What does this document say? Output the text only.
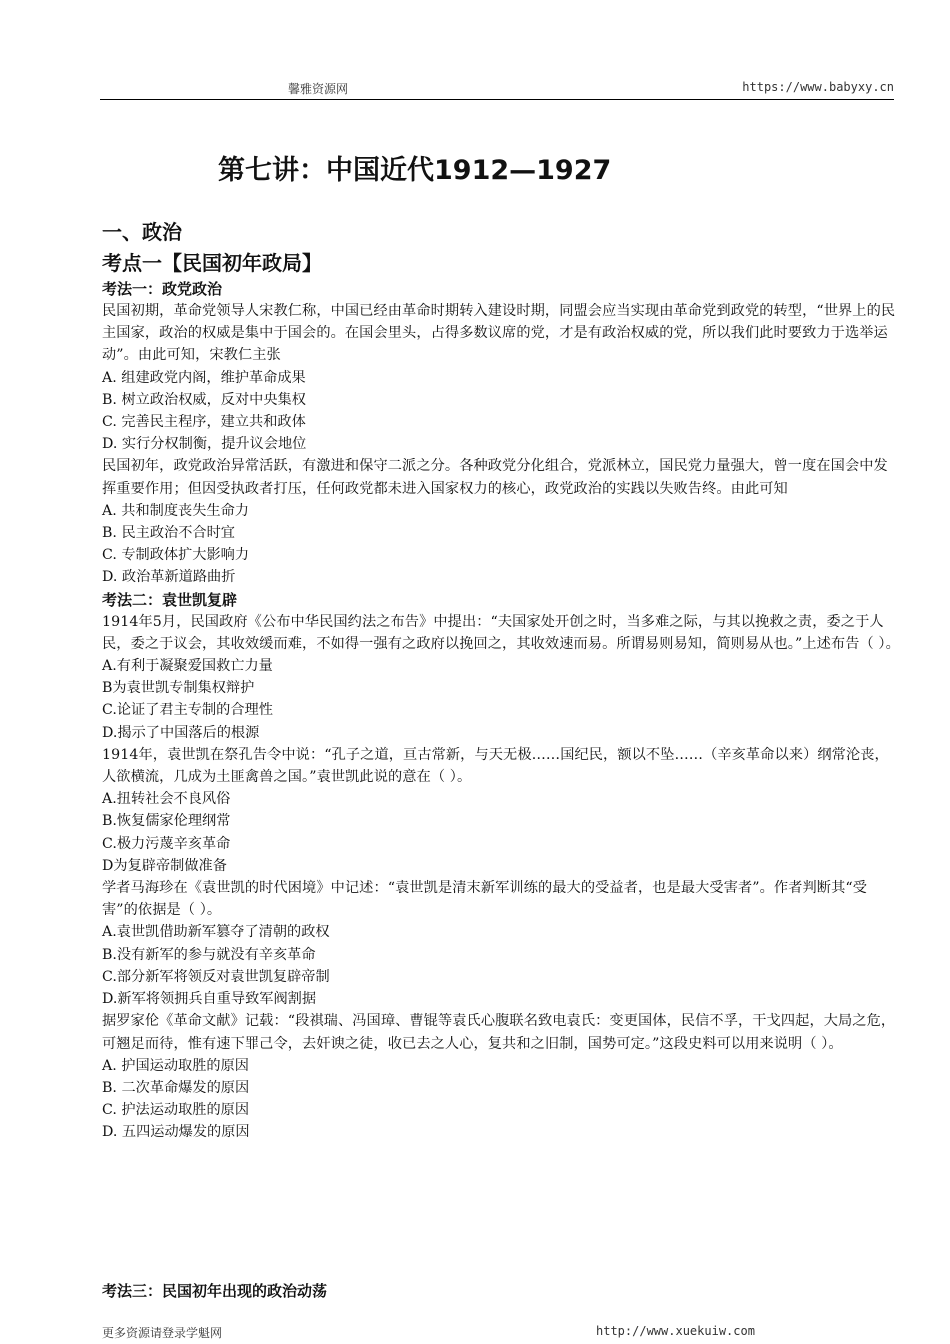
馨雅资源网	https://www.babyxy.cn
第七讲：中国近代1912—1927
一、政治
考点一【民国初年政局】
考法一：政党政治

民国初期，革命党领导人宋教仁称，中国已经由革命时期转入建设时期，同盟会应当实现由革命党到政党的转型，“世界上的民主国家，政治的权威是集中于国会的。在国会里头，占得多数议席的党，才是有政治权威的党，所以我们此时要致力于选举运动”。由此可知，宋教仁主张

A. 组建政党内阁，维护革命成果

B. 树立政治权威，反对中央集权

C. 完善民主程序，建立共和政体

D. 实行分权制衡，提升议会地位

民国初年，政党政治异常活跃，有激进和保守二派之分。各种政党分化组合，党派林立，国民党力量强大，曾一度在国会中发挥重要作用；但因受执政者打压，任何政党都未进入国家权力的核心，政党政治的实践以失败告终。由此可知

A. 共和制度丧失生命力

B. 民主政治不合时宜

C. 专制政体扩大影响力

D. 政治革新道路曲折

考法二：袁世凯复辟

1914年5月，民国政府《公布中华民国约法之布告》中提出：“夫国家处开创之时，当多难之际，与其以挽救之责，委之于人民，委之于议会，其收效缓而难，不如得一强有之政府以挽回之，其收效速而易。所谓易则易知，简则易从也。”上述布告（ ）。

A.有利于凝聚爱国救亡力量

B为袁世凯专制集权辩护

C.论证了君主专制的合理性

D.揭示了中国落后的根源

1914年，袁世凯在祭孔告令中说：“孔子之道，亘古常新，与天无极……国纪民，额以不坠……（辛亥革命以来）纲常沦丧，人欲横流，几成为土匪禽兽之国。”袁世凯此说的意在（ ）。

A.扭转社会不良风俗

B.恢复儒家伦理纲常

C.极力污蔑辛亥革命

D为复辟帝制做准备

学者马海珍在《袁世凯的时代困境》中记述：“袁世凯是清末新军训练的最大的受益者，也是最大受害者”。作者判断其“受害”的依据是（ ）。

A.袁世凯借助新军篡夺了清朝的政权

B.没有新军的参与就没有辛亥革命

C.部分新军将领反对袁世凯复辟帝制

D.新军将领拥兵自重导致军阀割据

据罗家伦《革命文献》记载：“段祺瑞、冯国璋、曹锟等袁氏心腹联名致电袁氏：变更国体，民信不孚，干戈四起，大局之危，可翘足而待，惟有速下罪己令，去奸谀之徒，收已去之人心，复共和之旧制，国势可定。”这段史料可以用来说明（ ）。

A. 护国运动取胜的原因

B. 二次革命爆发的原因

C. 护法运动取胜的原因

D. 五四运动爆发的原因

考法三：民国初年出现的政治动荡
更多资源请登录学魁网	http://www.xuekuiw.com
